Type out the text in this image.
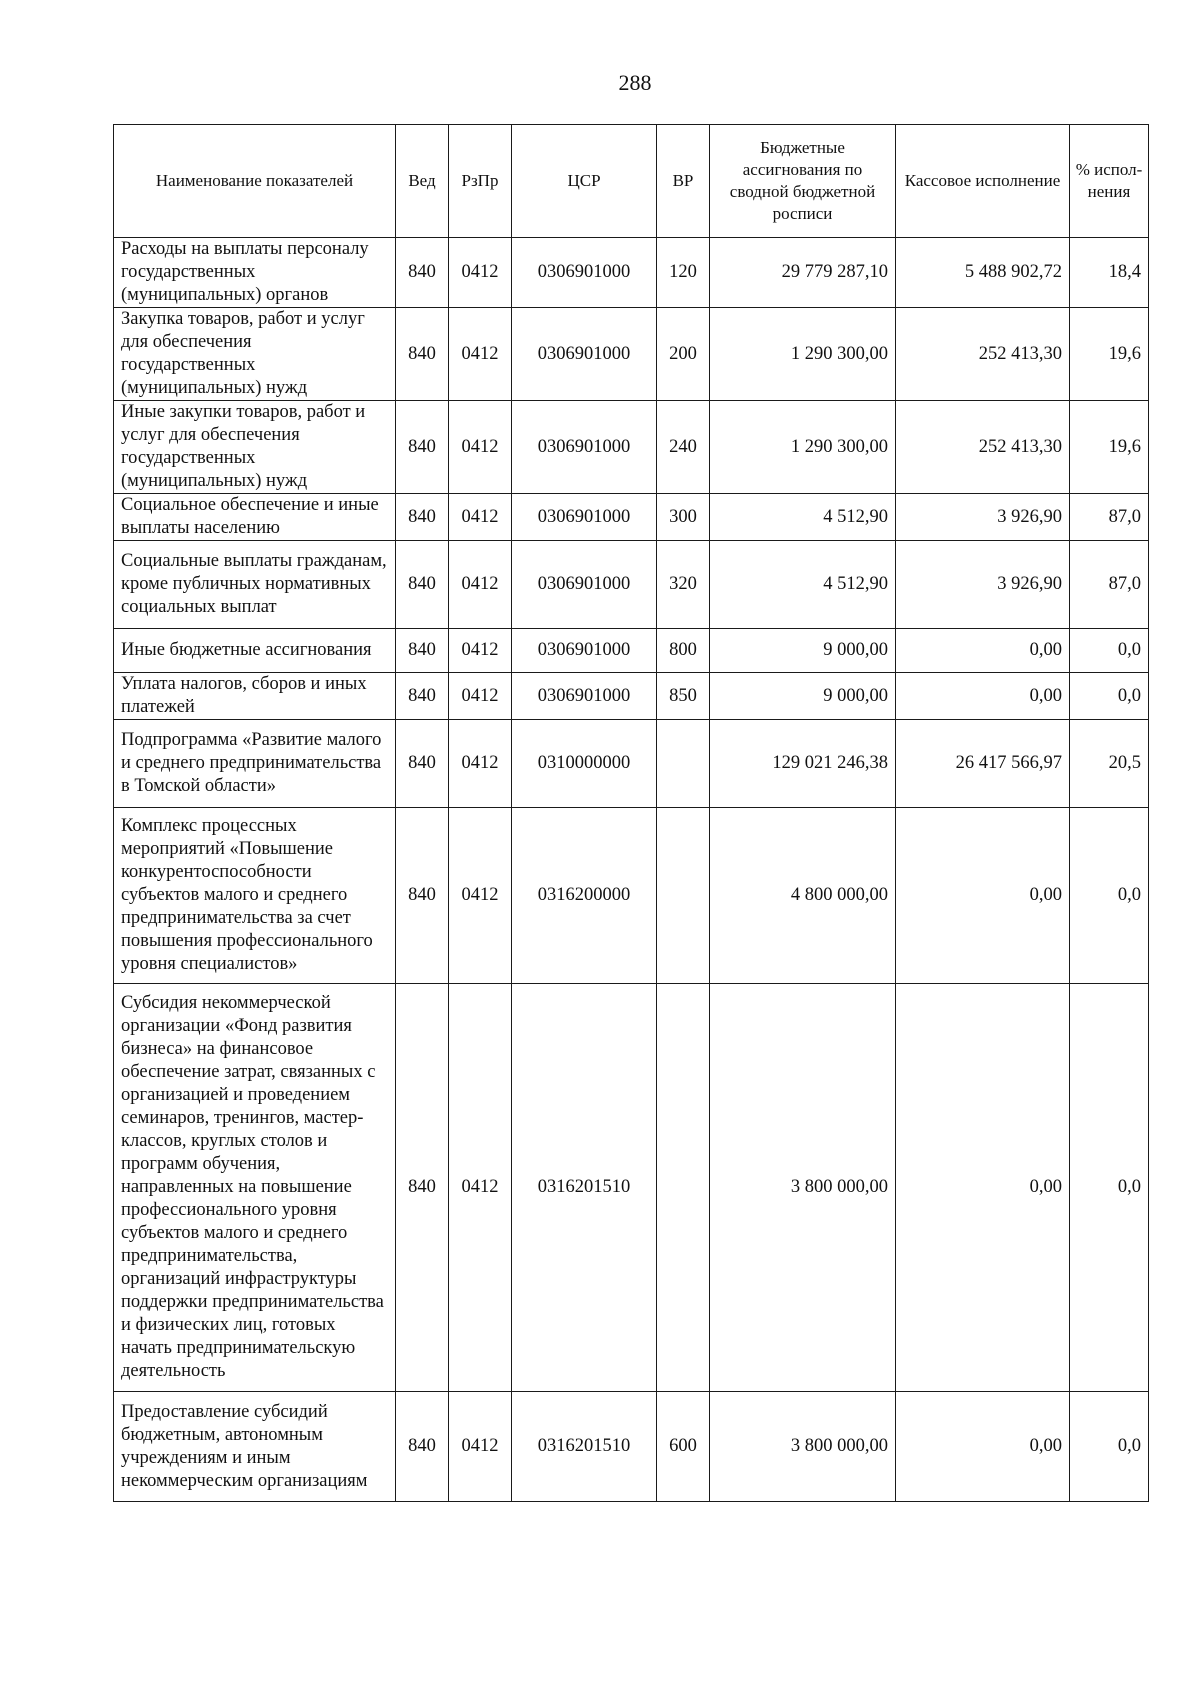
288
Наименование показателей	Вед	РзПр	ЦСР	ВР	Бюджетные ассигнования по сводной бюджетной росписи	Кассовое исполнение	% испол-нения
Расходы на выплаты персоналу государственных (муниципальных) органов	840	0412	0306901000	120	29 779 287,10	5 488 902,72	18,4
Закупка товаров, работ и услуг для обеспечения государственных (муниципальных) нужд	840	0412	0306901000	200	1 290 300,00	252 413,30	19,6
Иные закупки товаров, работ и услуг для обеспечения государственных (муниципальных) нужд	840	0412	0306901000	240	1 290 300,00	252 413,30	19,6
Социальное обеспечение и иные выплаты населению	840	0412	0306901000	300	4 512,90	3 926,90	87,0
Социальные выплаты гражданам, кроме публичных нормативных социальных выплат	840	0412	0306901000	320	4 512,90	3 926,90	87,0
Иные бюджетные ассигнования	840	0412	0306901000	800	9 000,00	0,00	0,0
Уплата налогов, сборов и иных платежей	840	0412	0306901000	850	9 000,00	0,00	0,0
Подпрограмма «Развитие малого и среднего предпринимательства в Томской области»	840	0412	0310000000		129 021 246,38	26 417 566,97	20,5
Комплекс процессных мероприятий «Повышение конкурентоспособности субъектов малого и среднего предпринимательства за счет повышения профессионального уровня специалистов»	840	0412	0316200000		4 800 000,00	0,00	0,0
Субсидия некоммерческой организации «Фонд развития бизнеса» на финансовое обеспечение затрат, связанных с организацией и проведением семинаров, тренингов, мастер-классов, круглых столов и программ обучения, направленных на повышение профессионального уровня субъектов малого и среднего предпринимательства, организаций инфраструктуры поддержки предпринимательства и физических лиц, готовых начать предпринимательскую деятельность	840	0412	0316201510		3 800 000,00	0,00	0,0
Предоставление субсидий бюджетным, автономным учреждениям и иным некоммерческим организациям	840	0412	0316201510	600	3 800 000,00	0,00	0,0
